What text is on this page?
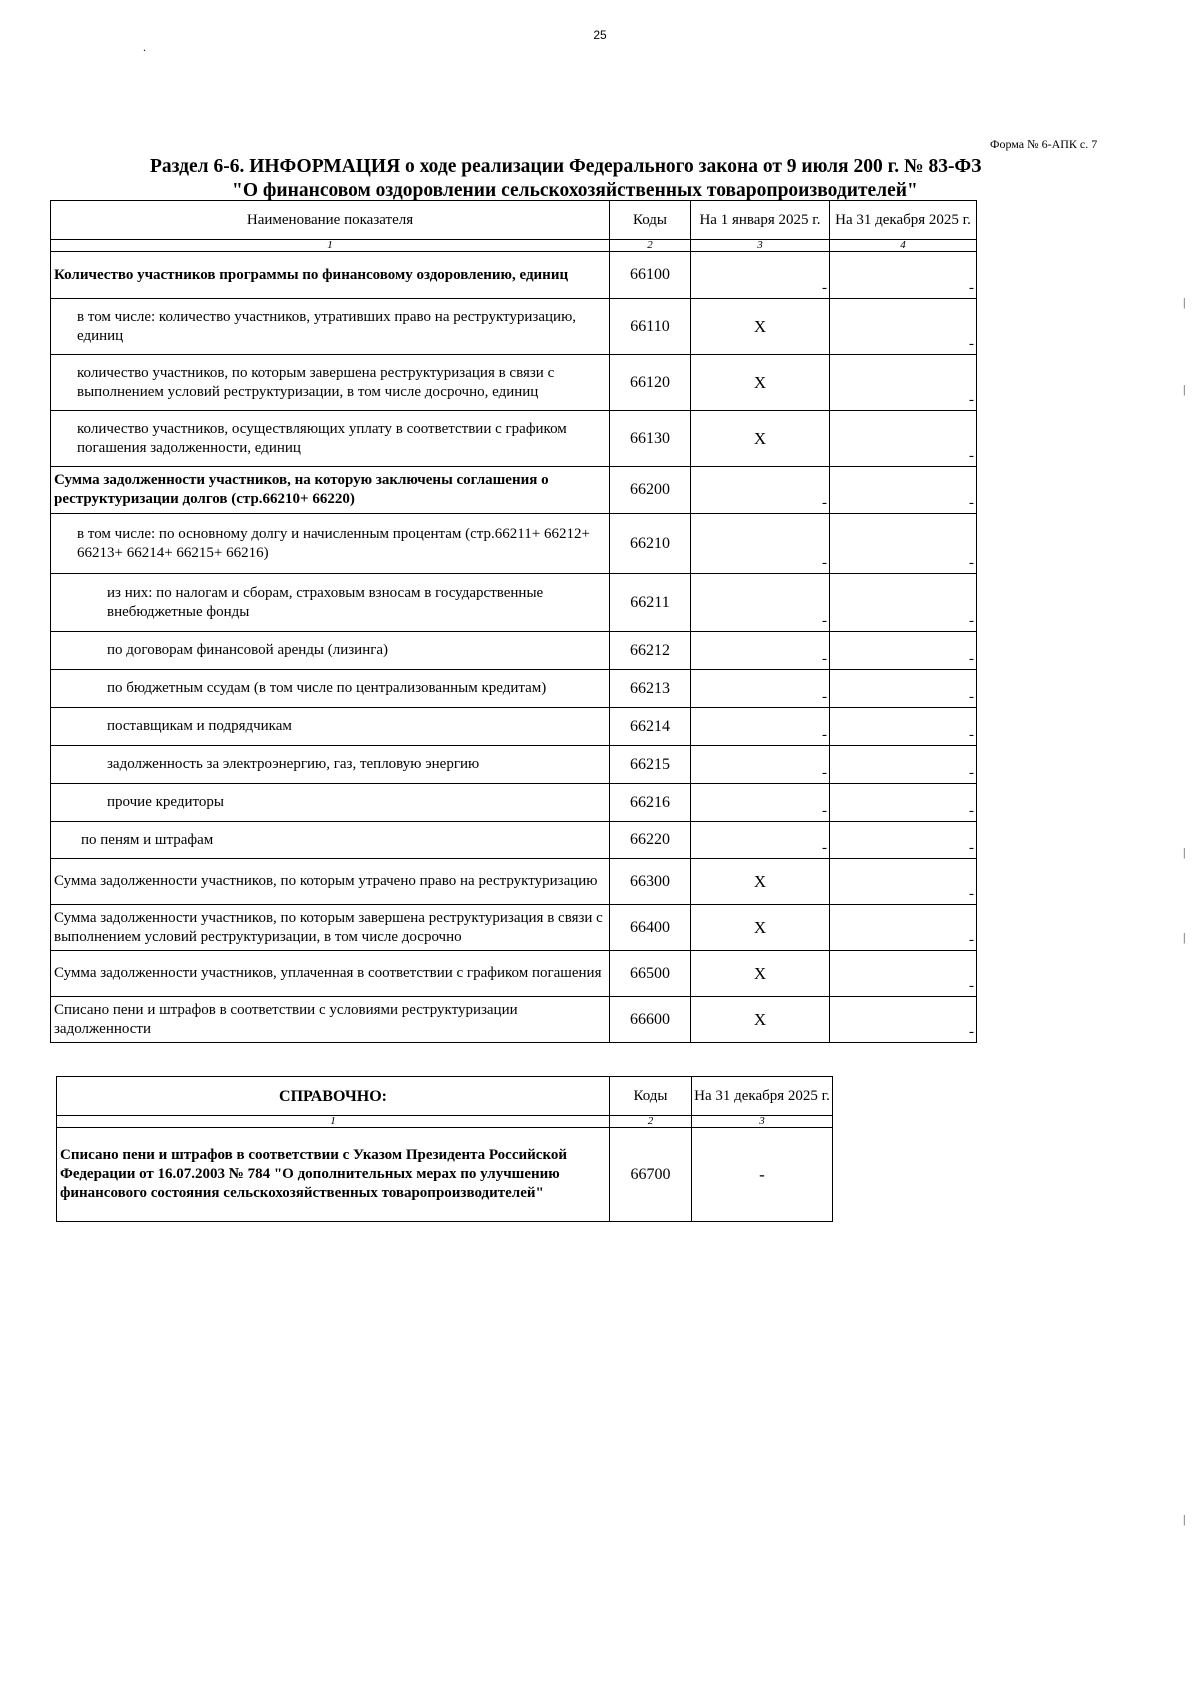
25
.
Форма № 6-АПК с. 7
Раздел 6-6. ИНФОРМАЦИЯ о ходе реализации Федерального закона от 9 июля 200 г. № 83-ФЗ
"О финансовом оздоровлении сельскохозяйственных товаропроизводителей"
Наименование показателя	Коды	На 1 января 2025 г.	На 31 декабря 2025 г.
1	2	3	4
Количество участников программы по финансовому оздоровлению, единиц	66100	-	-

в том числе: количество участников, утративших право на реструктуризацию, единиц	66110	X	-

количество участников, по которым завершена реструктуризация в связи с выполнением условий реструктуризации, в том числе досрочно, единиц	66120	X	-

количество участников, осуществляющих уплату в соответствии с графиком погашения задолженности, единиц	66130	X	-

Сумма задолженности участников, на которую заключены соглашения о реструктуризации долгов (стр.66210+ 66220)	66200	-	-

в том числе: по основному долгу и начисленным процентам (стр.66211+ 66212+ 66213+ 66214+ 66215+ 66216)	66210	-	-

из них: по налогам и сборам, страховым взносам в государственные внебюджетные фонды	66211	-	-

по договорам финансовой аренды (лизинга)	66212	-	-

по бюджетным ссудам (в том числе по централизованным кредитам)	66213	-	-

поставщикам и подрядчикам	66214	-	-

задолженность за электроэнергию, газ, тепловую энергию	66215	-	-

прочие кредиторы	66216	-	-

по пеням и штрафам	66220	-	-

Сумма задолженности участников, по которым утрачено право на реструктуризацию	66300	X	-

Сумма задолженности участников, по которым завершена реструктуризация в связи с выполнением условий реструктуризации, в том числе досрочно	66400	X	-

Сумма задолженности участников, уплаченная в соответствии с графиком погашения	66500	X	-

Списано пени и штрафов в соответствии с условиями реструктуризации задолженности	66600	X	-
СПРАВОЧНО:	Коды	На 31 декабря 2025 г.
1	2	3
Списано пени и штрафов в соответствии с Указом Президента Российской Федерации от 16.07.2003 № 784 "О дополнительных мерах по улучшению финансового состояния сельскохозяйственных товаропроизводителей"	66700	-
|
|
|
|
|
